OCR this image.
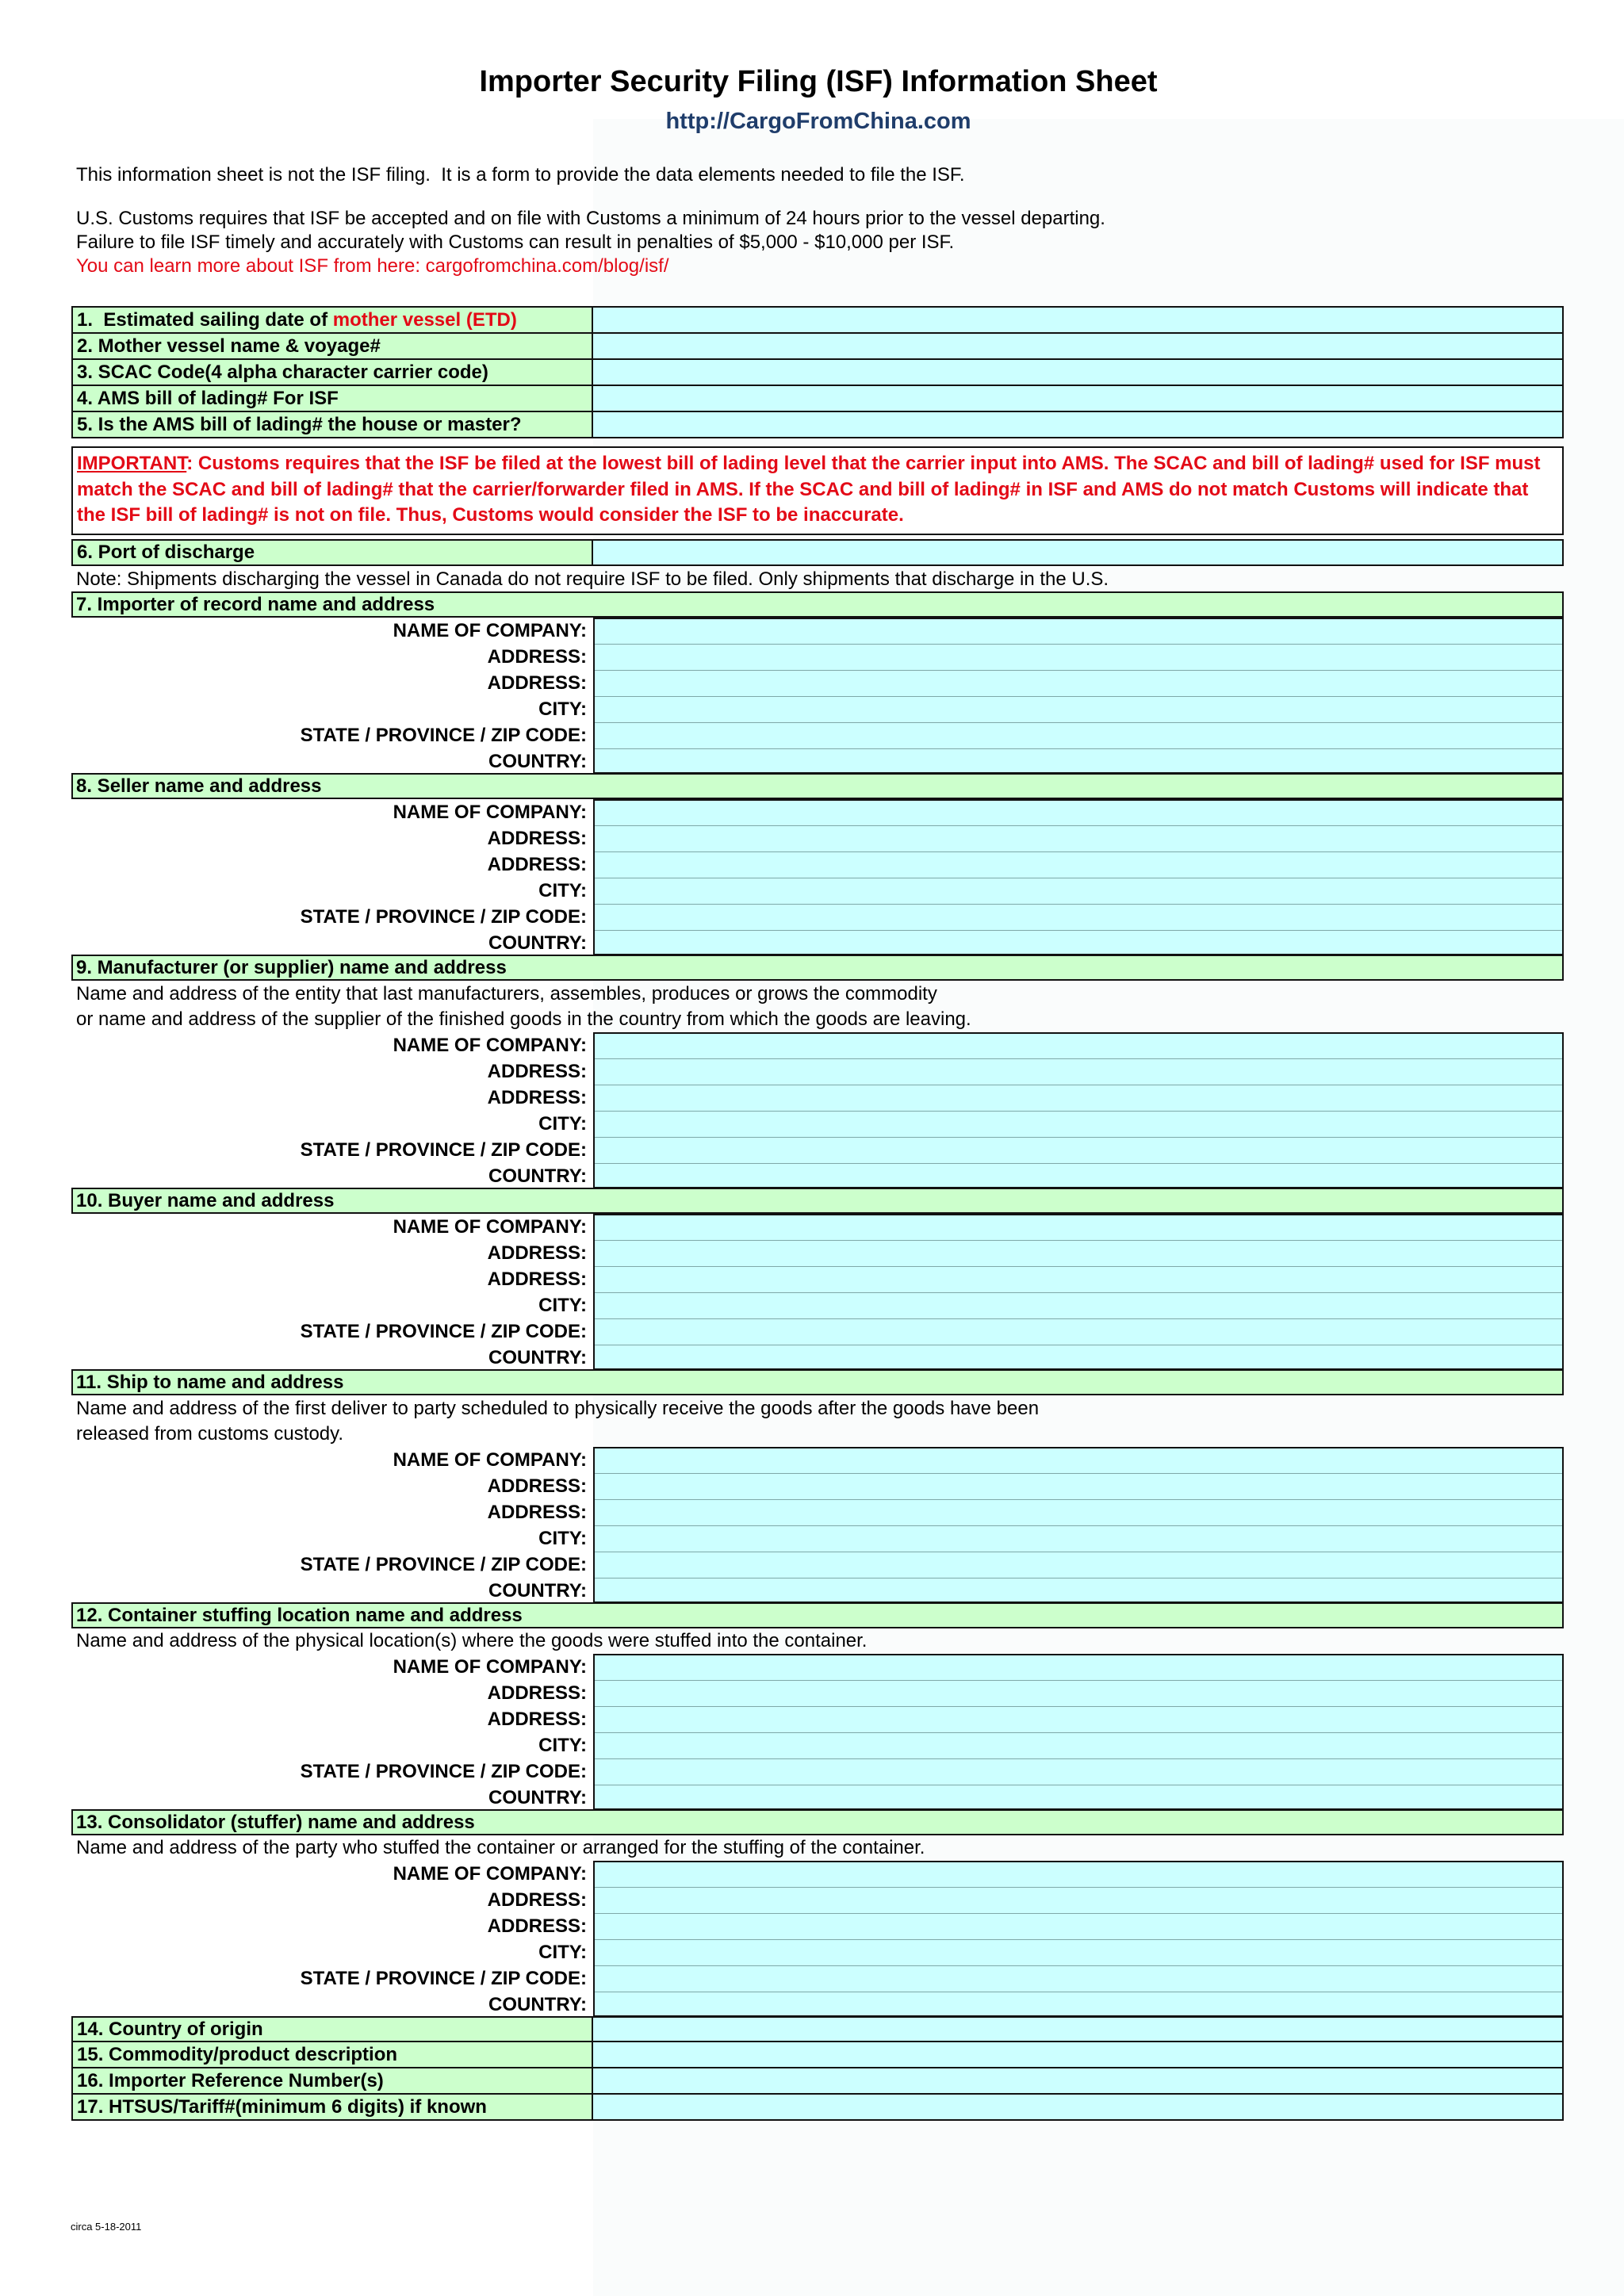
Importer Security Filing (ISF) Information Sheet
http://CargoFromChina.com
This information sheet is not the ISF filing.  It is a form to provide the data elements needed to file the ISF.
U.S. Customs requires that ISF be accepted and on file with Customs a minimum of 24 hours prior to the vessel departing.
Failure to file ISF timely and accurately with Customs can result in penalties of $5,000 - $10,000 per ISF.
You can learn more about ISF from here: cargofromchina.com/blog/isf/
1.  Estimated sailing date of mother vessel (ETD)
2. Mother vessel name & voyage#
3. SCAC Code(4 alpha character carrier code)
4. AMS bill of lading# For ISF
5. Is the AMS bill of lading# the house or master?
IMPORTANT: Customs requires that the ISF be filed at the lowest bill of lading level that the carrier input into AMS. The SCAC and bill of lading# used for ISF must match the SCAC and bill of lading# that the carrier/forwarder filed in AMS. If the SCAC and bill of lading# in ISF and AMS do not match Customs will indicate that the ISF bill of lading# is not on file. Thus, Customs would consider the ISF to be inaccurate.
6. Port of discharge
Note: Shipments discharging the vessel in Canada do not require ISF to be filed. Only shipments that discharge in the U.S.
7. Importer of record name and address
NAME OF COMPANY:
ADDRESS:
ADDRESS:
CITY:
STATE / PROVINCE / ZIP CODE:
COUNTRY:
8. Seller name and address
NAME OF COMPANY:
ADDRESS:
ADDRESS:
CITY:
STATE / PROVINCE / ZIP CODE:
COUNTRY:
9. Manufacturer (or supplier) name and address
Name and address of the entity that last manufacturers, assembles, produces or grows the commodity
or name and address of the supplier of the finished goods in the country from which the goods are leaving.
NAME OF COMPANY:
ADDRESS:
ADDRESS:
CITY:
STATE / PROVINCE / ZIP CODE:
COUNTRY:
10. Buyer name and address
NAME OF COMPANY:
ADDRESS:
ADDRESS:
CITY:
STATE / PROVINCE / ZIP CODE:
COUNTRY:
11. Ship to name and address
Name and address of the first deliver to party scheduled to physically receive the goods after the goods have been
released from customs custody.
NAME OF COMPANY:
ADDRESS:
ADDRESS:
CITY:
STATE / PROVINCE / ZIP CODE:
COUNTRY:
12. Container stuffing location name and address
Name and address of the physical location(s) where the goods were stuffed into the container.
NAME OF COMPANY:
ADDRESS:
ADDRESS:
CITY:
STATE / PROVINCE / ZIP CODE:
COUNTRY:
13. Consolidator (stuffer) name and address
Name and address of the party who stuffed the container or arranged for the stuffing of the container.
NAME OF COMPANY:
ADDRESS:
ADDRESS:
CITY:
STATE / PROVINCE / ZIP CODE:
COUNTRY:
14. Country of origin
15. Commodity/product description
16. Importer Reference Number(s)
17. HTSUS/Tariff#(minimum 6 digits) if known
circa 5-18-2011
